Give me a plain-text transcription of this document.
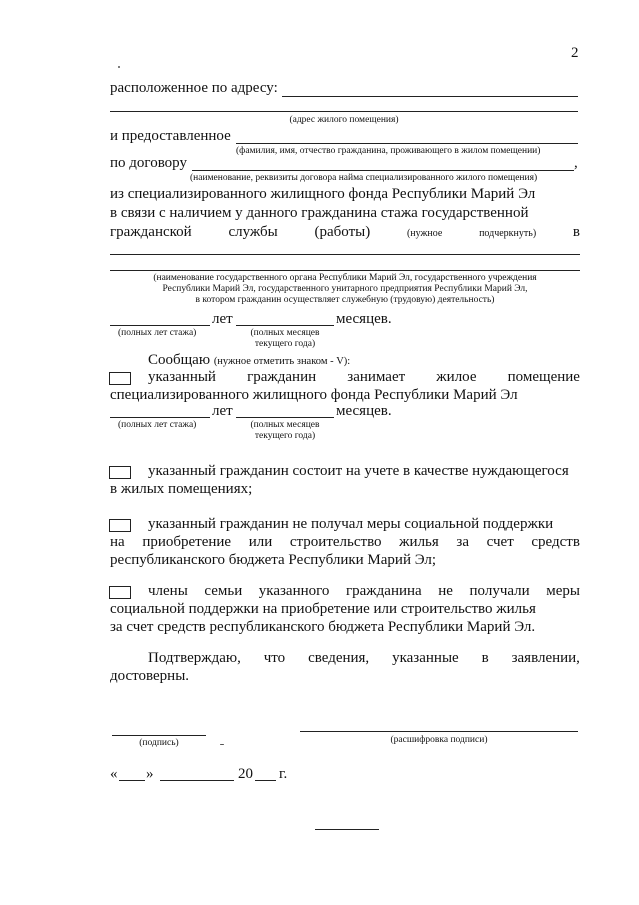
2
расположенное по адресу:
(адрес жилого помещения)
и предоставленное
(фамилия, имя, отчество гражданина, проживающего в жилом помещении)
по договору	,
(наименование, реквизиты договора найма специализированного жилого помещения)
из специализированного жилищного фонда Республики Марий Эл
в связи с наличием у данного гражданина стажа государственной
гражданской службы (работы)	(нужное	подчеркнуть) в
(наименование государственного органа Республики Марий Эл, государственного учреждения
Республики Марий Эл, государственного унитарного предприятия Республики Марий Эл,
в котором гражданин осуществляет служебную (трудовую) деятельность)
лет	месяцев.
(полных лет стажа)	(полных месяцев
текущего года)
Сообщаю (нужное отметить знаком - V):
указанный гражданин занимает жилое помещение
специализированного жилищного фонда Республики Марий Эл
лет	месяцев.
(полных лет стажа)	(полных месяцев
текущего года)
указанный гражданин состоит на учете в качестве нуждающегося
в жилых помещениях;
указанный гражданин не получал меры социальной поддержки
на приобретение или строительство жилья за счет средств
республиканского бюджета Республики Марий Эл;
члены семьи указанного гражданина не получали меры
социальной поддержки на приобретение или строительство жилья
за счет средств республиканского бюджета Республики Марий Эл.
Подтверждаю, что сведения, указанные в заявлении,
достоверны.
(подпись)	(расшифровка подписи)
« »	20 г.
